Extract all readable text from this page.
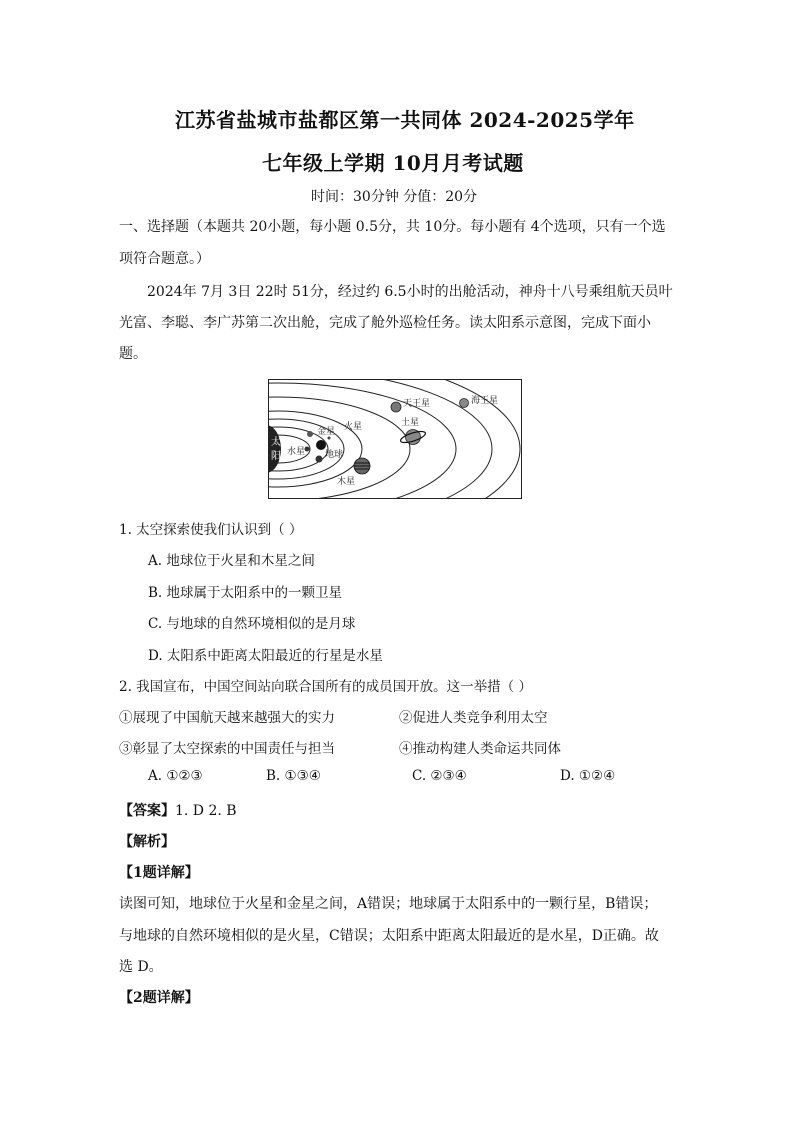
江苏省盐城市盐都区第一共同体 2024-2025学年
七年级上学期 10月月考试题
时间：30分钟 分值：20分
一、选择题（本题共 20小题，每小题 0.5分，共 10分。每小题有 4个选项，只有一个选
项符合题意。）
2024年 7月 3日 22时 51分，经过约 6.5小时的出舱活动，神舟十八号乘组航天员叶
光富、李聪、李广苏第二次出舱，完成了舱外巡检任务。读太阳系示意图，完成下面小
题。
太
阳 水星
金星
地球
火星
木星
土星
天王星	海王星
1. 太空探索使我们认识到（ ）
A. 地球位于火星和木星之间
B. 地球属于太阳系中的一颗卫星
C. 与地球的自然环境相似的是月球
D. 太阳系中距离太阳最近的行星是水星
2. 我国宣布，中国空间站向联合国所有的成员国开放。这一举措（ ）
①展现了中国航天越来越强大的实力	②促进人类竞争利用太空
③彰显了太空探索的中国责任与担当	④推动构建人类命运共同体
A. ①②③	B. ①③④	C. ②③④	D. ①②④
【答案】1. D 2. B
【解析】
【1题详解】
读图可知，地球位于火星和金星之间，A错误；地球属于太阳系中的一颗行星，B错误；
与地球的自然环境相似的是火星，C错误；太阳系中距离太阳最近的是水星，D正确。故
选 D。
【2题详解】
